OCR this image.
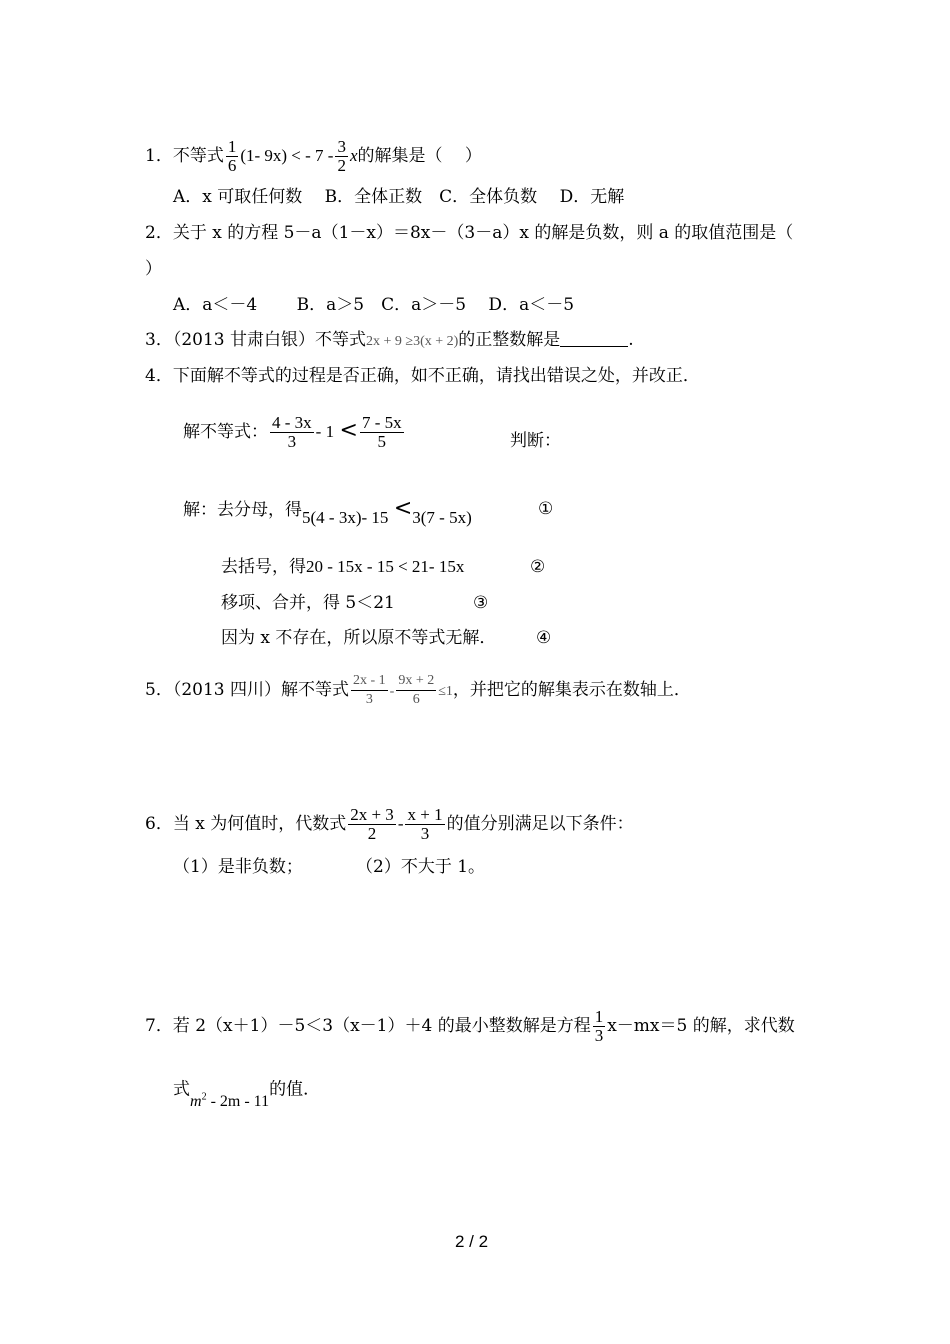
1．不等式 $\frac{1}{6} (1-$ 9x) < - $7 - \frac{3}{2}$ x的解集是（　 ）
A．x 可取任何数　 B．全体正数　C．全体负数　 D．无解
2．关于 x 的方程 5－a（1－x）＝8x－（3－a）x 的解是负数，则 a 的取值范围是（
）
A．a＜－4　　 B．a＞5　C．a＞－5　 D．a＜－5
3．（2013 甘肃白银）不等式2x + 9 ≥3(x + 2)的正整数解是	.
4．下面解不等式的过程是否正确，如不正确，请找出错误之处，并改正．
解不等式： $\frac{4 - 3x}{3} - 1 < \frac{7 - 5x}{5}$	判断：
解：去分母，得5(4 - 3x)- 15 <3(7 - 5x)	①
去括号，得20 - 15x - 15 < 21- 15x	②
移项、合并，得 5＜21	③
因为 x 不存在，所以原不等式无解． ④
5．（2013 四川）解不等式 $\frac{2x - 1}{3} - \frac{9x + 2}{6} \le 1$，并把它的解集表示在数轴上．
6．当 x 为何值时，代数式 $\frac{2x + 3}{2} - \frac{x + 1}{3}$ 的值分别满足以下条件：
（1）是非负数；	（2）不大于 1。
7．若 2（x＋1）－5＜3（x－1）＋4 的最小整数解是方程 $\frac{1}{3} x-mx=5$ 的解，求代数
式$m^2 - 2m - 11$的值．
2 / 2
